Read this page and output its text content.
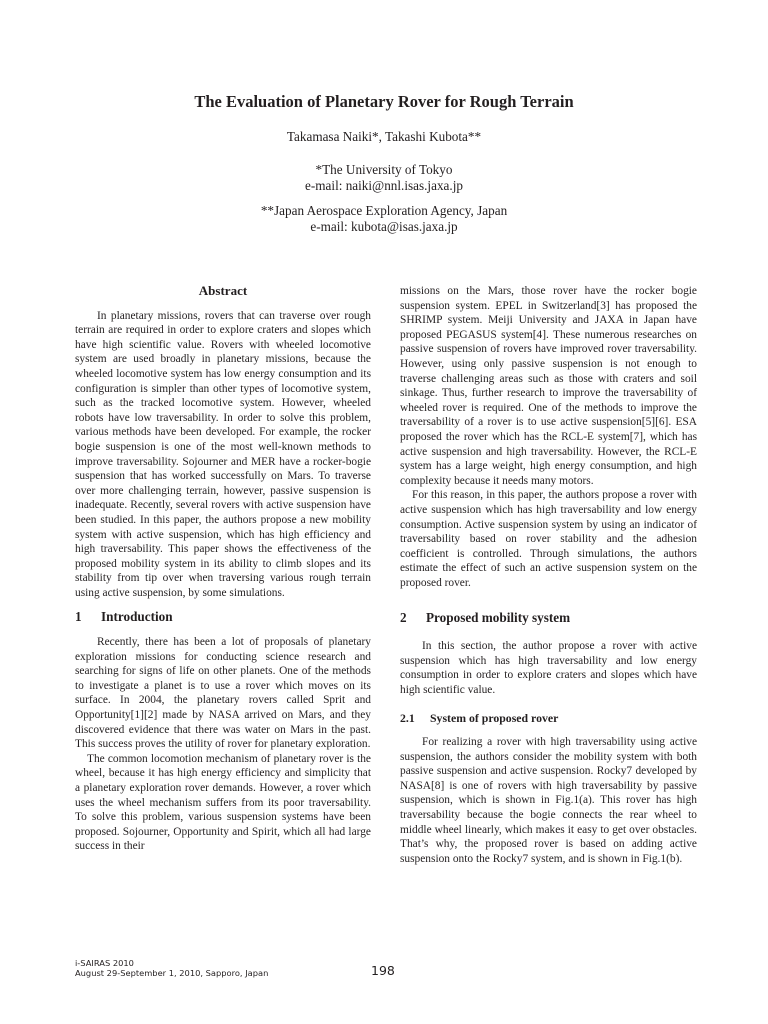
The Evaluation of Planetary Rover for Rough Terrain

Takamasa Naiki*, Takashi Kubota**

*The University of Tokyo

e-mail: naiki@nnl.isas.jaxa.jp

**Japan Aerospace Exploration Agency, Japan

e-mail: kubota@isas.jaxa.jp

Abstract

In planetary missions, rovers that can traverse over rough terrain are required in order to explore craters and slopes which have high scientific value. Rovers with wheeled locomotive system are used broadly in planetary missions, because the wheeled locomotive system has low energy consumption and its configuration is simpler than other types of locomotive system, such as the tracked locomotive system. However, wheeled robots have low traversability. In order to solve this problem, various methods have been developed. For example, the rocker bogie suspension is one of the most well-known methods to improve traversability. Sojourner and MER have a rocker-bogie suspension that has worked successfully on Mars. To traverse over more challenging terrain, however, passive suspension is inadequate. Recently, several rovers with active suspension have been studied. In this paper, the authors propose a new mobility system with active suspension, which has high efficiency and high traversability. This paper shows the effectiveness of the proposed mobility system in its ability to climb slopes and its stability from tip over when traversing various rough terrain using active suspension, by some simulations.

1 Introduction

Recently, there has been a lot of proposals of planetary exploration missions for conducting science research and searching for signs of life on other planets. One of the methods to investigate a planet is to use a rover which moves on its surface. In 2004, the planetary rovers called Sprit and Opportunity[1][2] made by NASA arrived on Mars, and they discovered evidence that there was water on Mars in the past. This success proves the utility of rover for planetary exploration.

The common locomotion mechanism of planetary rover is the wheel, because it has high energy efficiency and simplicity that a planetary exploration rover demands. However, a rover which uses the wheel mechanism suffers from its poor traversability. To solve this problem, various suspension systems have been proposed. Sojourner, Opportunity and Spirit, which all had large success in their

missions on the Mars, those rover have the rocker bogie suspension system. EPEL in Switzerland[3] has proposed the SHRIMP system. Meiji University and JAXA in Japan have proposed PEGASUS system[4]. These numerous researches on passive suspension of rovers have improved rover traversability. However, using only passive suspension is not enough to traverse challenging areas such as those with craters and soil sinkage. Thus, further research to improve the traversability of wheeled rover is required. One of the methods to improve the traversability of a rover is to use active suspension[5][6]. ESA proposed the rover which has the RCL-E system[7], which has active suspension and high traversability. However, the RCL-E system has a large weight, high energy consumption, and high complexity because it needs many motors.

For this reason, in this paper, the authors propose a rover with active suspension which has high traversability and low energy consumption. Active suspension system by using an indicator of traversability based on rover stability and the adhesion coefficient is controlled. Through simulations, the authors estimate the effect of such an active suspension system on the proposed rover.

2 Proposed mobility system

In this section, the author propose a rover with active suspension which has high traversability and low energy consumption in order to explore craters and slopes which have high scientific value.

2.1 System of proposed rover

For realizing a rover with high traversability using active suspension, the authors consider the mobility system with both passive suspension and active suspension. Rocky7 developed by NASA[8] is one of rovers with high traversability by passive suspension, which is shown in Fig.1(a). This rover has high traversability because the bogie connects the rear wheel to middle wheel linearly, which makes it easy to get over obstacles. That’s why, the proposed rover is based on adding active suspension onto the Rocky7 system, and is shown in Fig.1(b).

i-SAIRAS 2010
August 29-September 1, 2010, Sapporo, Japan	198
